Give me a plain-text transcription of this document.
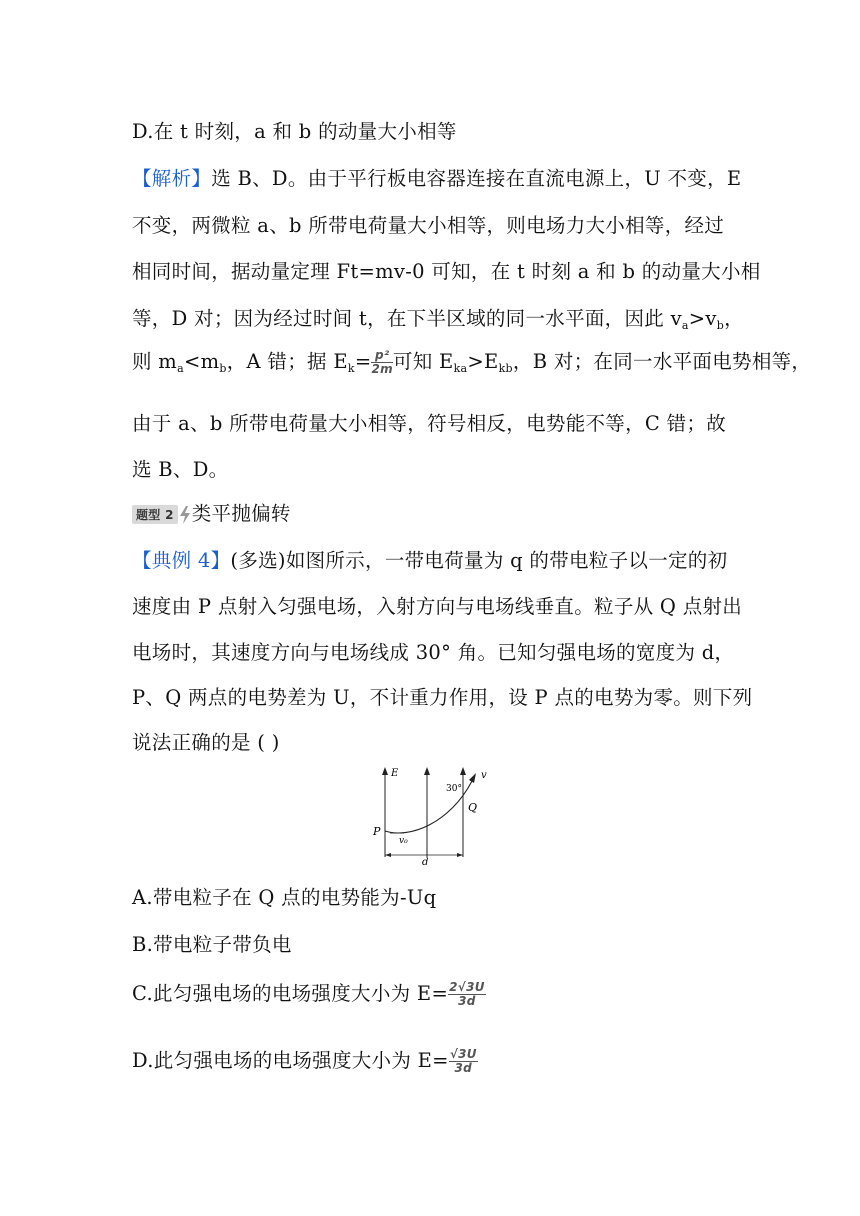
D.在 t 时刻，a 和 b 的动量大小相等
【解析】选 B、D。由于平行板电容器连接在直流电源上，U 不变，E
不变，两微粒 a、b 所带电荷量大小相等，则电场力大小相等，经过
相同时间，据动量定理 Ft=mv-0 可知，在 t 时刻 a 和 b 的动量大小相
等，D 对；因为经过时间 t，在下半区域的同一水平面，因此 $v_a>v_b$，
则 $m_a<m_b$，A 错；据 $E_k= \frac{\text{p²}}{2m}$ 可知 $E_{ka}>E_{kb}$，B 对；在同一水平面电势相等，
由于 a、b 所带电荷量大小相等，符号相反，电势能不等，C 错；故
选 B、D。
题型 2 类平抛偏转
【典例 4】(多选)如图所示，一带电荷量为 q 的带电粒子以一定的初
速度由 P 点射入匀强电场，入射方向与电场线垂直。粒子从 Q 点射出
电场时，其速度方向与电场线成 30° 角。已知匀强电场的宽度为 d，
P、Q 两点的电势差为 U，不计重力作用，设 P 点的电势为零。则下列
说法正确的是 ( )
E
30°
v
Q
P
v₀
d
A.带电粒子在 Q 点的电势能为-Uq
B.带电粒子带负电
C.此匀强电场的电场强度大小为 $E= \frac{2√3U}{3d}$
D.此匀强电场的电场强度大小为 $E= \frac{√3U}{3d}$
